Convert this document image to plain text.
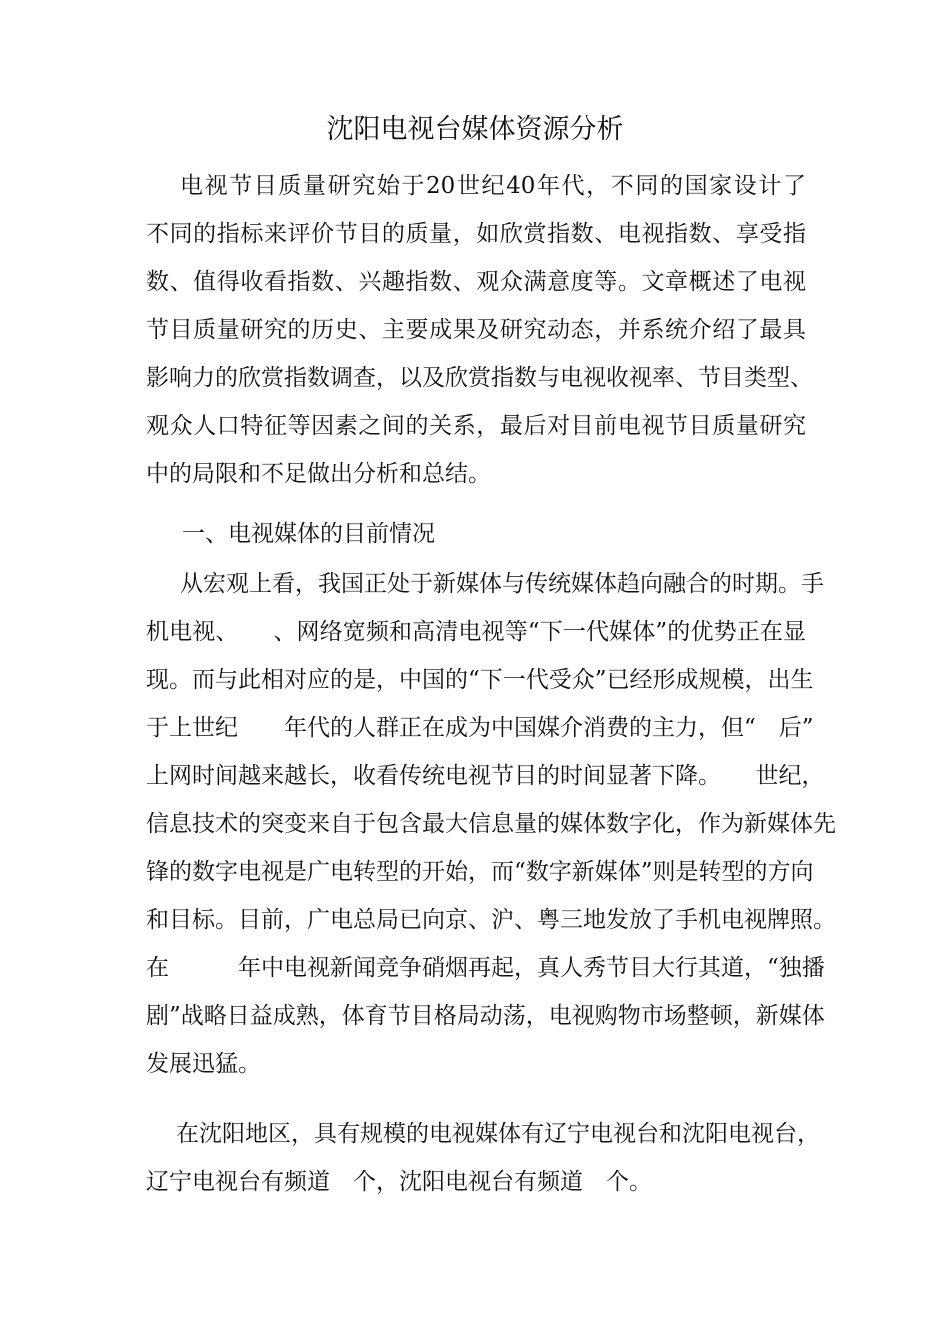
沈阳电视台媒体资源分析

电视节目质量研究始于20世纪40年代，不同的国家设计了

不同的指标来评价节目的质量，如欣赏指数、电视指数、享受指

数、值得收看指数、兴趣指数、观众满意度等。文章概述了电视

节目质量研究的历史、主要成果及研究动态，并系统介绍了最具

影响力的欣赏指数调查，以及欣赏指数与电视收视率、节目类型、

观众人口特征等因素之间的关系，最后对目前电视节目质量研究

中的局限和不足做出分析和总结。

一、电视媒体的目前情况

从宏观上看，我国正处于新媒体与传统媒体趋向融合的时期。手

机电视、　　、网络宽频和高清电视等“下一代媒体”的优势正在显

现。而与此相对应的是，中国的“下一代受众”已经形成规模，出生

于上世纪　　年代的人群正在成为中国媒介消费的主力，但“　后”

上网时间越来越长，收看传统电视节目的时间显著下降。　　世纪，

信息技术的突变来自于包含最大信息量的媒体数字化，作为新媒体先

锋的数字电视是广电转型的开始，而“数字新媒体”则是转型的方向

和目标。目前，广电总局已向京、沪、粤三地发放了手机电视牌照。

在　　　年中电视新闻竞争硝烟再起，真人秀节目大行其道，“独播

剧”战略日益成熟，体育节目格局动荡，电视购物市场整顿，新媒体

发展迅猛。

在沈阳地区，具有规模的电视媒体有辽宁电视台和沈阳电视台，

辽宁电视台有频道　个，沈阳电视台有频道　个。
